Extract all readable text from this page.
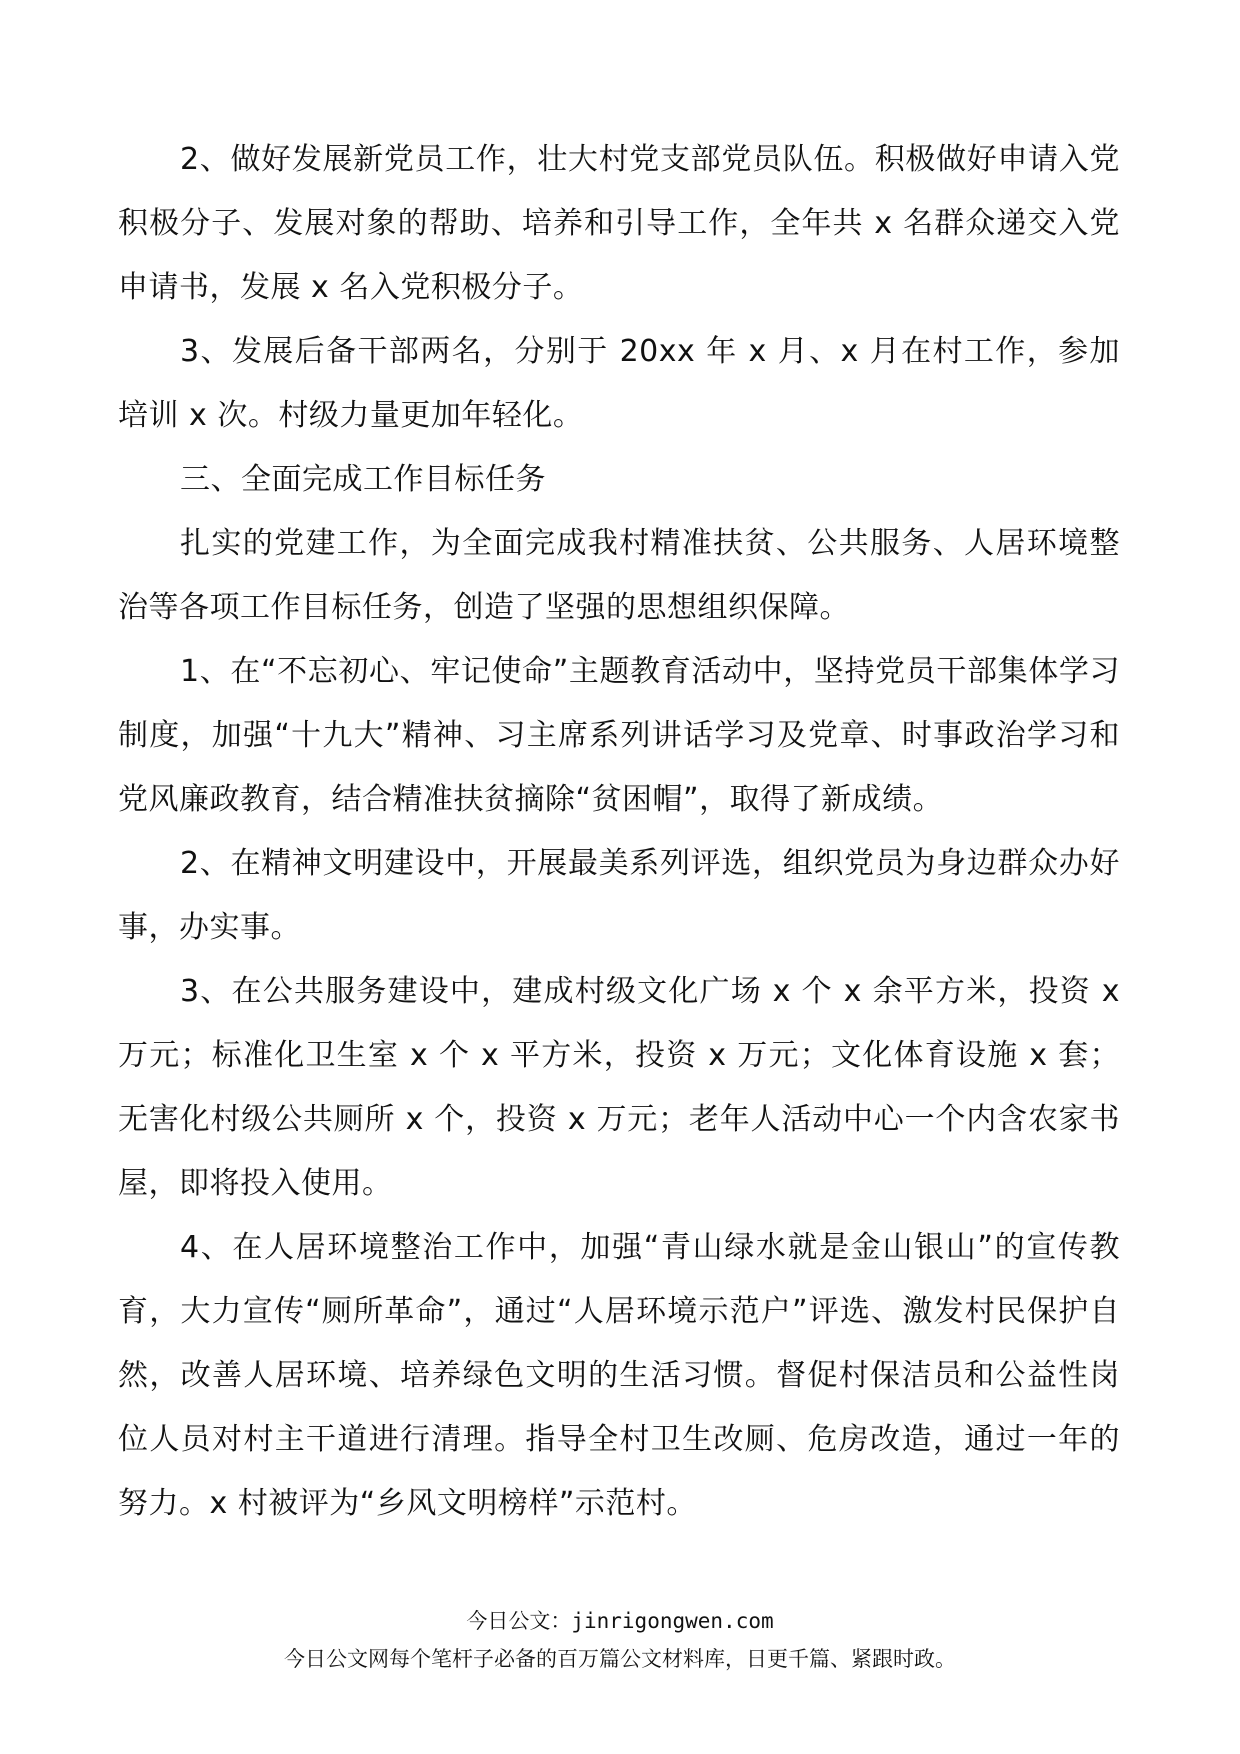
2、做好发展新党员工作，壮大村党支部党员队伍。积极做好申请入党积极分子、发展对象的帮助、培养和引导工作，全年共 x 名群众递交入党申请书，发展 x 名入党积极分子。

3、发展后备干部两名，分别于 20xx 年 x 月、x 月在村工作，参加培训 x 次。村级力量更加年轻化。

三、全面完成工作目标任务

扎实的党建工作，为全面完成我村精准扶贫、公共服务、人居环境整治等各项工作目标任务，创造了坚强的思想组织保障。

1、在“不忘初心、牢记使命”主题教育活动中，坚持党员干部集体学习制度，加强“十九大”精神、习主席系列讲话学习及党章、时事政治学习和党风廉政教育，结合精准扶贫摘除“贫困帽”，取得了新成绩。

2、在精神文明建设中，开展最美系列评选，组织党员为身边群众办好事，办实事。

3、在公共服务建设中，建成村级文化广场 x 个 x 余平方米，投资 x 万元；标准化卫生室 x 个 x 平方米，投资 x 万元；文化体育设施 x 套；无害化村级公共厕所 x 个，投资 x 万元；老年人活动中心一个内含农家书屋，即将投入使用。

4、在人居环境整治工作中，加强“青山绿水就是金山银山”的宣传教育，大力宣传“厕所革命”，通过“人居环境示范户”评选、激发村民保护自然，改善人居环境、培养绿色文明的生活习惯。督促村保洁员和公益性岗位人员对村主干道进行清理。指导全村卫生改厕、危房改造，通过一年的努力。x 村被评为“乡风文明榜样”示范村。

今日公文：jinrigongwen.com
今日公文网每个笔杆子必备的百万篇公文材料库，日更千篇、紧跟时政。
